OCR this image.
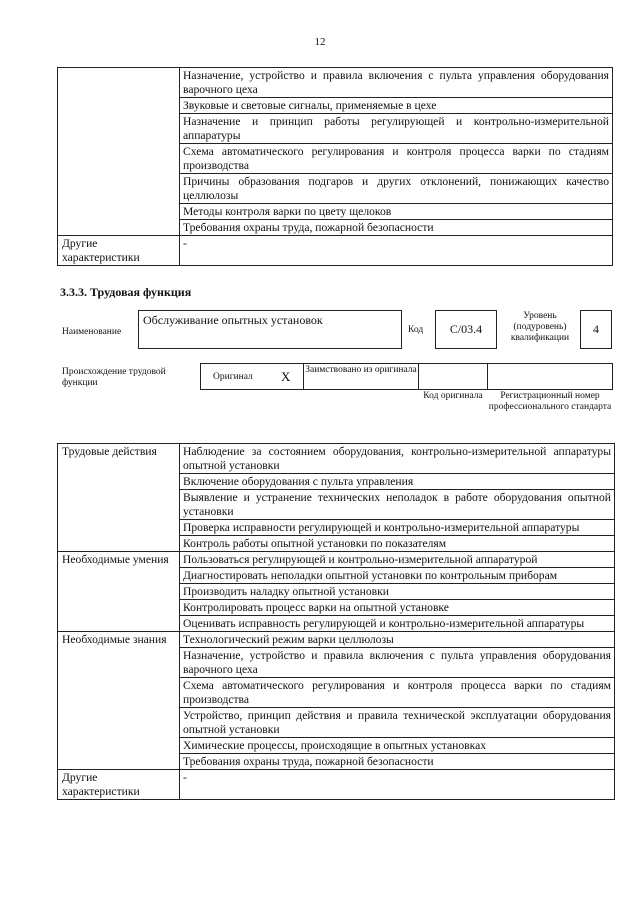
12
	Назначение, устройство и правила включения с пульта управления оборудования варочного цеха
	Звуковые и световые сигналы, применяемые в цехе
	Назначение и принцип работы регулирующей и контрольно-измерительной аппаратуры
	Схема автоматического регулирования и контроля процесса варки по стадиям производства
	Причины образования подгаров и других отклонений, понижающих качество целлюлозы
	Методы контроля варки по цвету щелоков
	Требования охраны труда, пожарной безопасности
Другие характеристики	-
3.3.3. Трудовая функция
Наименование
Обслуживание опытных установок
Код	C/03.4
Уровень (подуровень) квалификации
4
Происхождение трудовой функции
Оригинал X Заимствовано из оригинала
Код оригинала	Регистрационный номер профессионального стандарта
Трудовые действия	Наблюдение за состоянием оборудования, контрольно-измерительной аппаратуры опытной установки
	Включение оборудования с пульта управления
	Выявление и устранение технических неполадок в работе оборудования опытной установки
	Проверка исправности регулирующей и контрольно-измерительной аппаратуры
	Контроль работы опытной установки по показателям
Необходимые умения	Пользоваться регулирующей и контрольно-измерительной аппаратурой
	Диагностировать неполадки опытной установки по контрольным приборам
	Производить наладку опытной установки
	Контролировать процесс варки на опытной установке
	Оценивать исправность регулирующей и контрольно-измерительной аппаратуры
Необходимые знания	Технологический режим варки целлюлозы
	Назначение, устройство и правила включения с пульта управления оборудования варочного цеха
	Схема автоматического регулирования и контроля процесса варки по стадиям производства
	Устройство, принцип действия и правила технической эксплуатации оборудования опытной установки
	Химические процессы, происходящие в опытных установках
	Требования охраны труда, пожарной безопасности
Другие характеристики	-
